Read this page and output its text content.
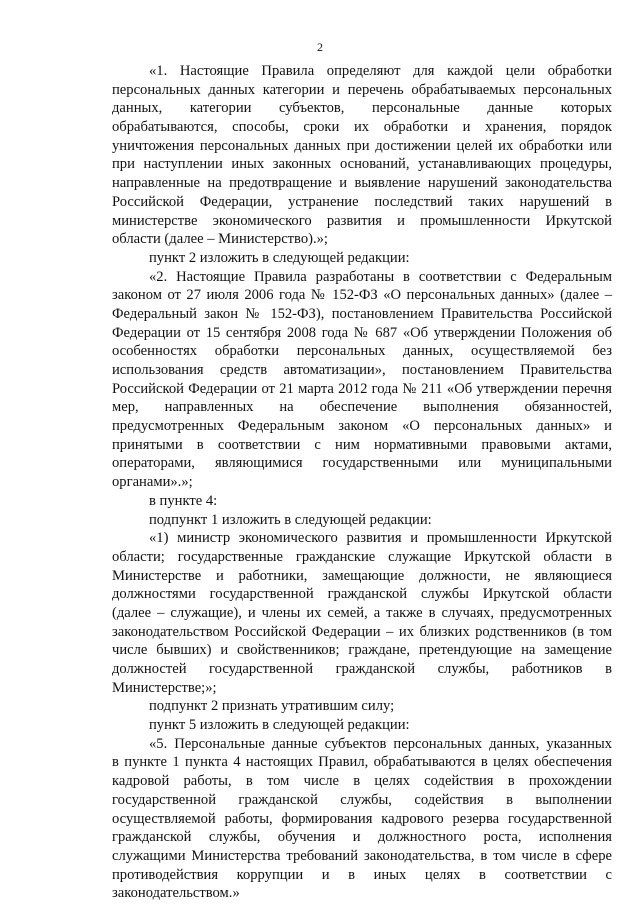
2
«1. Настоящие Правила определяют для каждой цели обработки
персональных данных категории и перечень обрабатываемых персональных
данных, категории субъектов, персональные данные которых
обрабатываются, способы, сроки их обработки и хранения, порядок
уничтожения персональных данных при достижении целей их обработки или
при наступлении иных законных оснований, устанавливающих процедуры,
направленные на предотвращение и выявление нарушений законодательства
Российской Федерации, устранение последствий таких нарушений в
министерстве экономического развития и промышленности Иркутской
области (далее – Министерство).»;
пункт 2 изложить в следующей редакции:
«2. Настоящие Правила разработаны в соответствии с Федеральным
законом от 27 июля 2006 года № 152-ФЗ «О персональных данных» (далее –
Федеральный закон № 152-ФЗ), постановлением Правительства Российской
Федерации от 15 сентября 2008 года № 687 «Об утверждении Положения об
особенностях обработки персональных данных, осуществляемой без
использования средств автоматизации», постановлением Правительства
Российской Федерации от 21 марта 2012 года № 211 «Об утверждении перечня
мер, направленных на обеспечение выполнения обязанностей,
предусмотренных Федеральным законом «О персональных данных» и
принятыми в соответствии с ним нормативными правовыми актами,
операторами, являющимися государственными или муниципальными
органами».»;
в пункте 4:
подпункт 1 изложить в следующей редакции:
«1) министр экономического развития и промышленности Иркутской
области; государственные гражданские служащие Иркутской области в
Министерстве и работники, замещающие должности, не являющиеся
должностями государственной гражданской службы Иркутской области
(далее – служащие), и члены их семей, а также в случаях, предусмотренных
законодательством Российской Федерации – их близких родственников (в том
числе бывших) и свойственников; граждане, претендующие на замещение
должностей государственной гражданской службы, работников в
Министерстве;»;
подпункт 2 признать утратившим силу;
пункт 5 изложить в следующей редакции:
«5. Персональные данные субъектов персональных данных, указанных
в пункте 1 пункта 4 настоящих Правил, обрабатываются в целях обеспечения
кадровой работы, в том числе в целях содействия в прохождении
государственной гражданской службы, содействия в выполнении
осуществляемой работы, формирования кадрового резерва государственной
гражданской службы, обучения и должностного роста, исполнения
служащими Министерства требований законодательства, в том числе в сфере
противодействия коррупции и в иных целях в соответствии с
законодательством.»
